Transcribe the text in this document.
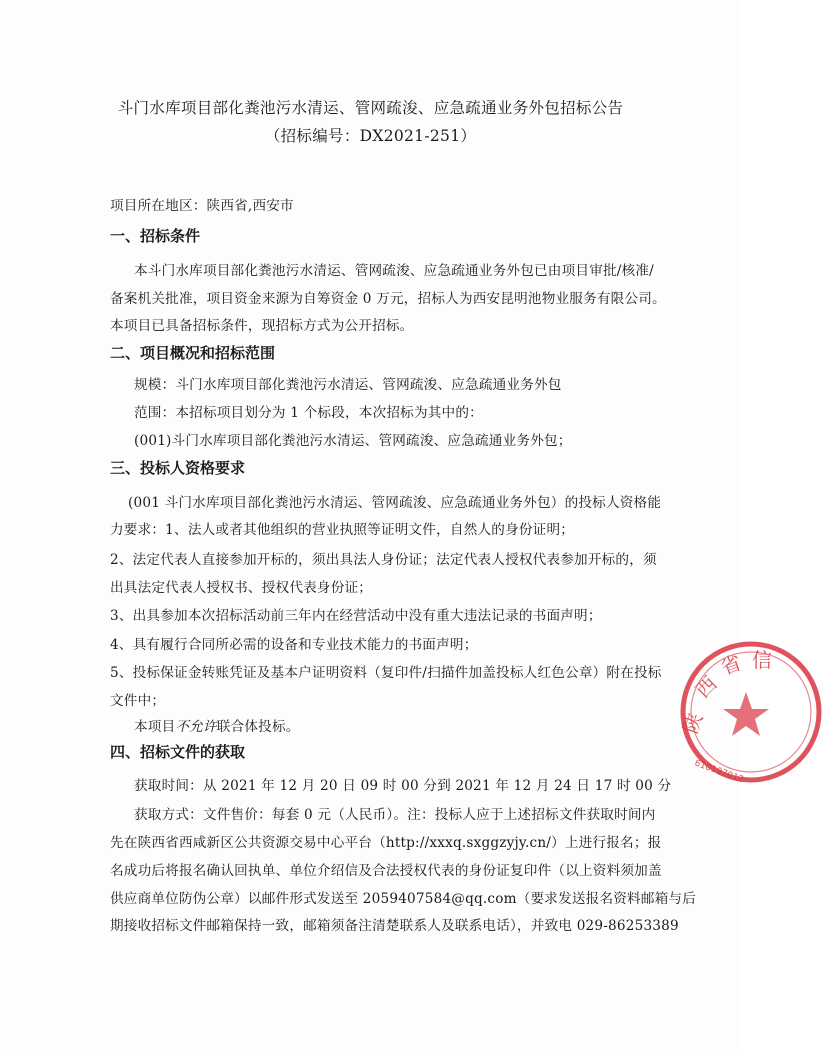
斗门水库项目部化粪池污水清运、管网疏浚、应急疏通业务外包招标公告
（招标编号：DX2021-251）
项目所在地区：陕西省,西安市
一、招标条件
本斗门水库项目部化粪池污水清运、管网疏浚、应急疏通业务外包已由项目审批/核准/
备案机关批准，项目资金来源为自筹资金 0 万元，招标人为西安昆明池物业服务有限公司。
本项目已具备招标条件，现招标方式为公开招标。
二、项目概况和招标范围
规模：斗门水库项目部化粪池污水清运、管网疏浚、应急疏通业务外包
范围：本招标项目划分为 1 个标段，本次招标为其中的：
(001)斗门水库项目部化粪池污水清运、管网疏浚、应急疏通业务外包；
三、投标人资格要求
(001 斗门水库项目部化粪池污水清运、管网疏浚、应急疏通业务外包）的投标人资格能
力要求：1、法人或者其他组织的营业执照等证明文件，自然人的身份证明；
2、法定代表人直接参加开标的，须出具法人身份证；法定代表人授权代表参加开标的，须
出具法定代表人授权书、授权代表身份证；
3、出具参加本次招标活动前三年内在经营活动中没有重大违法记录的书面声明；
4、具有履行合同所必需的设备和专业技术能力的书面声明；
5、投标保证金转账凭证及基本户证明资料（复印件/扫描件加盖投标人红色公章）附在投标
文件中；
本项目不允许联合体投标。
四、招标文件的获取
获取时间：从 2021 年 12 月 20 日 09 时 00 分到 2021 年 12 月 24 日 17 时 00 分
获取方式：文件售价：每套 0 元（人民币）。注：投标人应于上述招标文件获取时间内
先在陕西省西咸新区公共资源交易中心平台（http://xxxq.sxggzyjy.cn/）上进行报名；报
名成功后将报名确认回执单、单位介绍信及合法授权代表的身份证复印件（以上资料须加盖
供应商单位防伪公章）以邮件形式发送至 2059407584@qq.com（要求发送报名资料邮箱与后
期接收招标文件邮箱保持一致，邮箱须备注清楚联系人及联系电话），并致电 029-86253389
陕
西
省 信
610197012
